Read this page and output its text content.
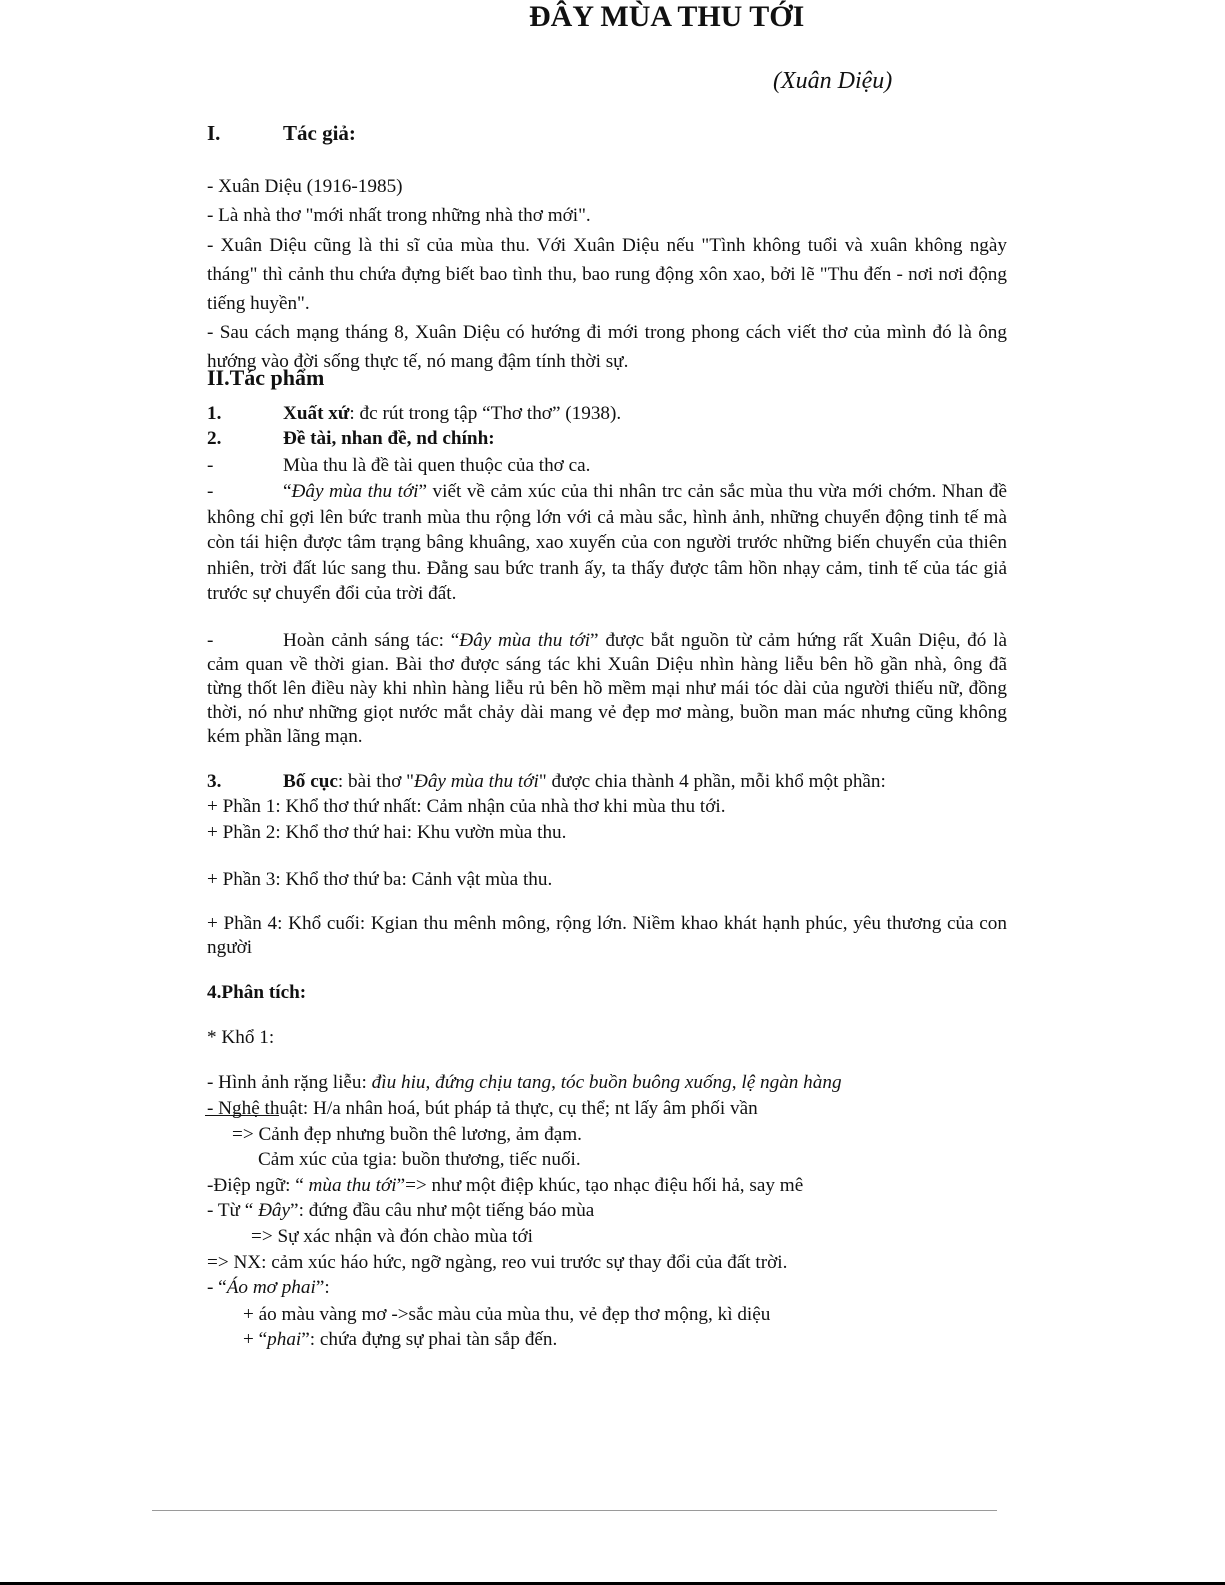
ĐÂY MÙA THU TỚI
(Xuân Diệu)
I.	Tác giả:
- Xuân Diệu (1916-1985)
- Là nhà thơ "mới nhất trong những nhà thơ mới".
- Xuân Diệu cũng là thi sĩ của mùa thu. Với Xuân Diệu nếu "Tình không tuổi và xuân không ngày tháng" thì cảnh thu chứa đựng biết bao tình thu, bao rung động xôn xao, bởi lẽ "Thu đến - nơi nơi động tiếng huyền".
- Sau cách mạng tháng 8, Xuân Diệu có hướng đi mới trong phong cách viết thơ của mình đó là ông hướng vào đời sống thực tế, nó mang đậm tính thời sự.
II.Tác phẩm
1.	Xuất xứ: đc rút trong tập “Thơ thơ” (1938).
2.	Đề tài, nhan đề, nd chính:
-	Mùa thu là đề tài quen thuộc của thơ ca.
-	“Đây mùa thu tới” viết về cảm xúc của thi nhân trc cản sắc mùa thu vừa mới chớm. Nhan đề không chỉ gợi lên bức tranh mùa thu rộng lớn với cả màu sắc, hình ảnh, những chuyển động tinh tế mà còn tái hiện được tâm trạng bâng khuâng, xao xuyến của con người trước những biến chuyển của thiên nhiên, trời đất lúc sang thu. Đằng sau bức tranh ấy, ta thấy được tâm hồn nhạy cảm, tinh tế của tác giả trước sự chuyển đổi của trời đất.
-	Hoàn cảnh sáng tác: “Đây mùa thu tới” được bắt nguồn từ cảm hứng rất Xuân Diệu, đó là cảm quan về thời gian. Bài thơ được sáng tác khi Xuân Diệu nhìn hàng liễu bên hồ gần nhà, ông đã từng thốt lên điều này khi nhìn hàng liễu rủ bên hồ mềm mại như mái tóc dài của người thiếu nữ, đồng thời, nó như những giọt nước mắt chảy dài mang vẻ đẹp mơ màng, buồn man mác nhưng cũng không kém phần lãng mạn.
3.	Bố cục: bài thơ "Đây mùa thu tới" được chia thành 4 phần, mỗi khổ một phần:
+ Phần 1: Khổ thơ thứ nhất: Cảm nhận của nhà thơ khi mùa thu tới.
+ Phần 2: Khổ thơ thứ hai: Khu vườn mùa thu.
+ Phần 3: Khổ thơ thứ ba: Cảnh vật mùa thu.
+ Phần 4: Khổ cuối: Kgian thu mênh mông, rộng lớn. Niềm khao khát hạnh phúc, yêu thương của con người
4.Phân tích:
* Khổ 1:
- Hình ảnh rặng liễu: đìu hiu, đứng chịu tang, tóc buồn buông xuống, lệ ngàn hàng
- Nghệ thuật: H/a nhân hoá, bút pháp tả thực, cụ thể; nt lấy âm phối vần
=> Cảnh đẹp nhưng buồn thê lương, ảm đạm.
Cảm xúc của tgia: buồn thương, tiếc nuối.
-Điệp ngữ: “ mùa thu tới”=> như một điệp khúc, tạo nhạc điệu hối hả, say mê
- Từ “ Đây”: đứng đầu câu như một tiếng báo mùa
=> Sự xác nhận và đón chào mùa tới
=> NX: cảm xúc háo hức, ngỡ ngàng, reo vui trước sự thay đổi của đất trời.
- “Áo mơ phai”:
+ áo màu vàng mơ ->sắc màu của mùa thu, vẻ đẹp thơ mộng, kì diệu
+ “phai”: chứa đựng sự phai tàn sắp đến.
